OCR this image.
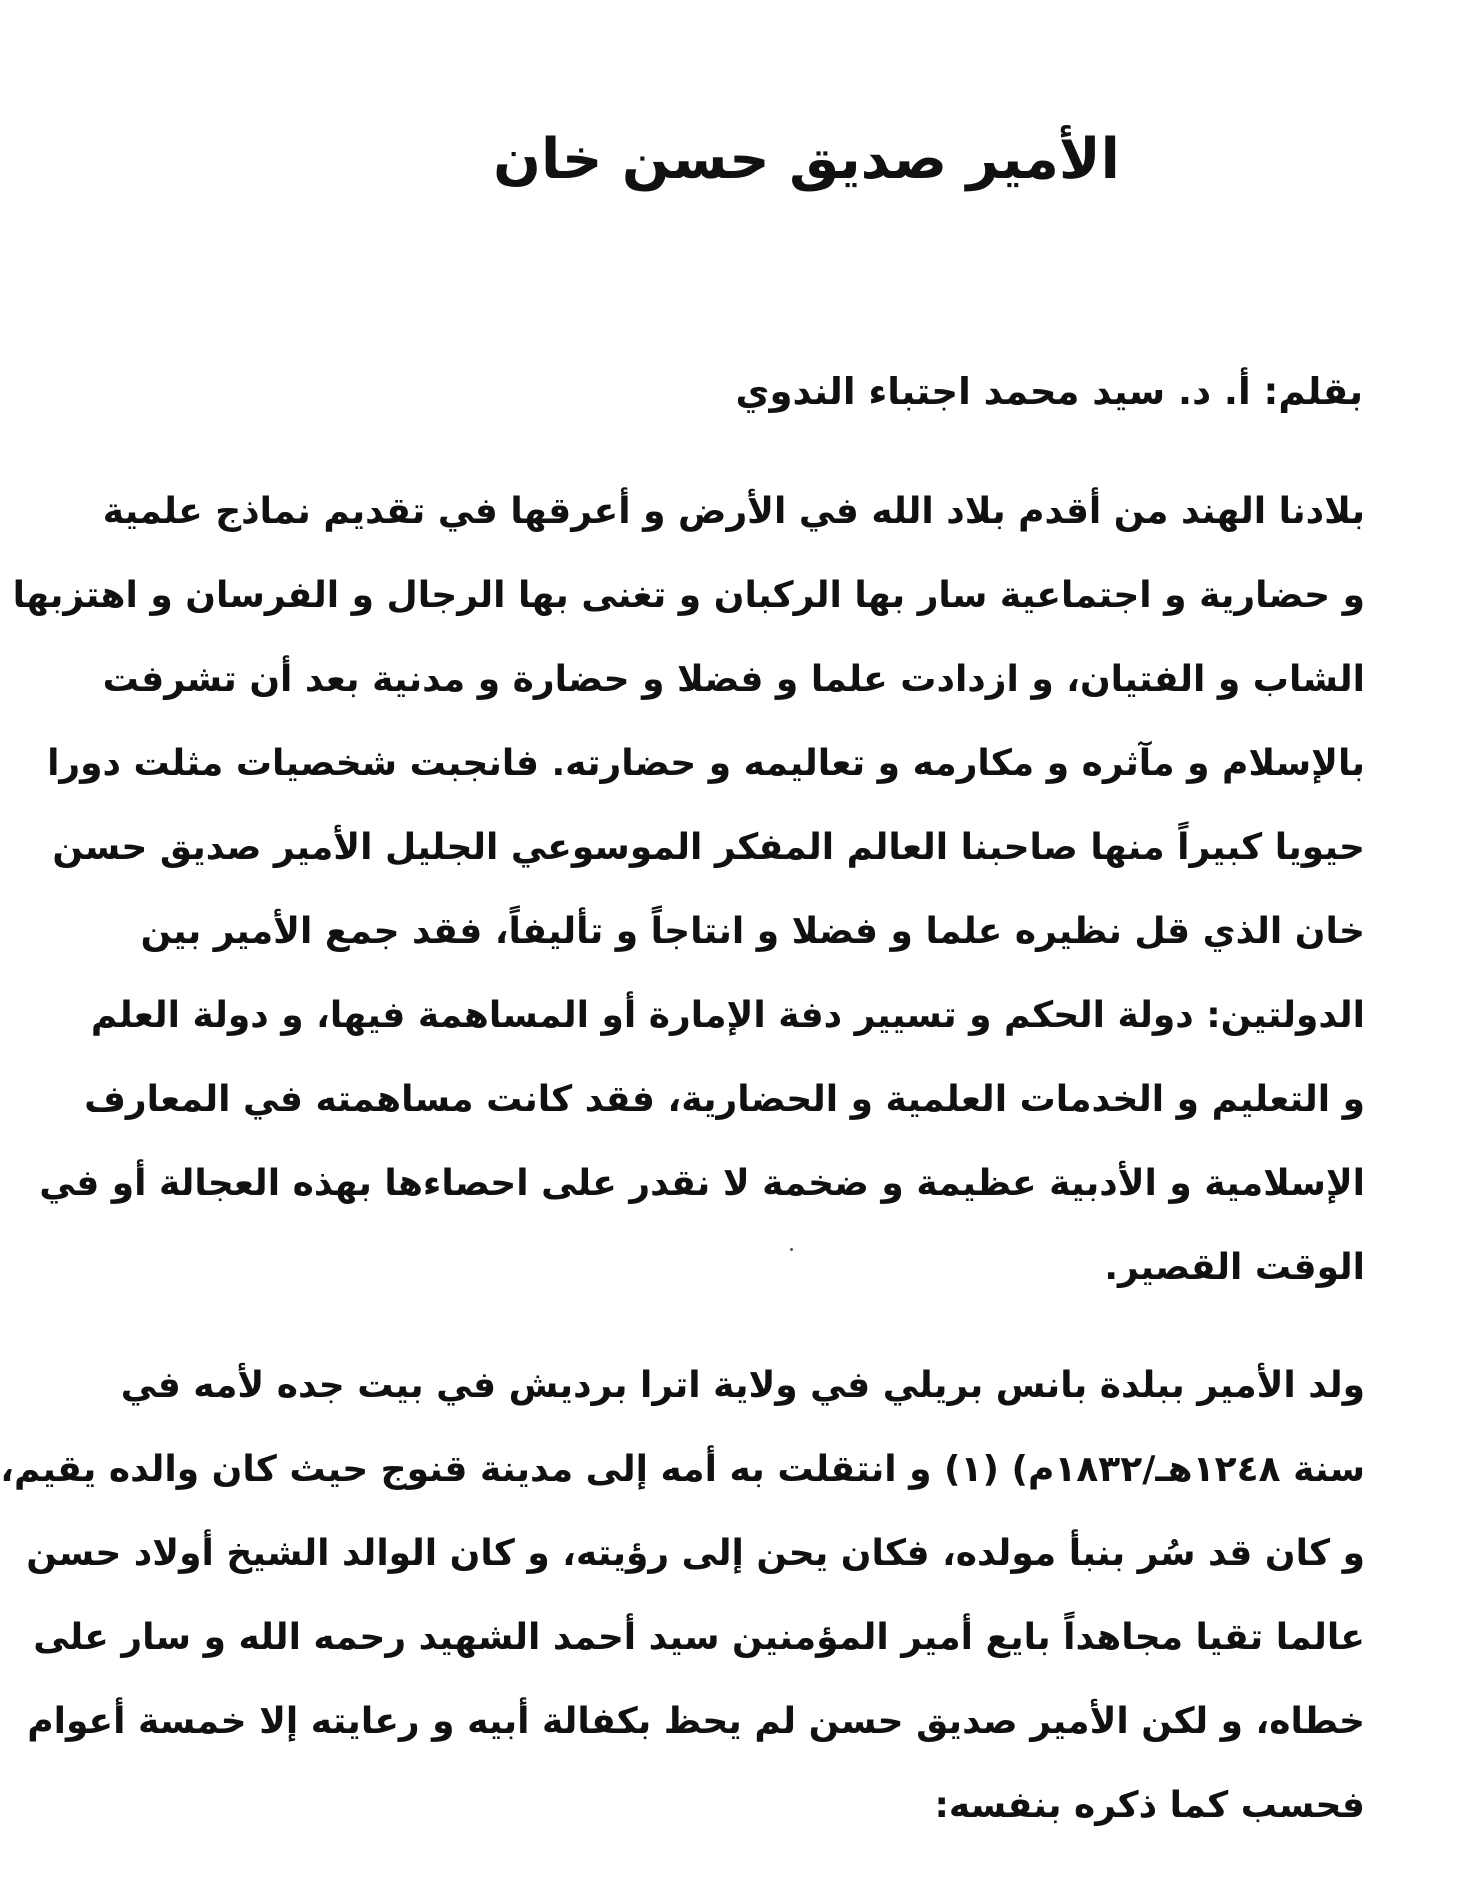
الأمير صديق حسن خان
بقلم: أ. د. سيد محمد اجتباء الندوي
بلادنا الهند من أقدم بلاد الله في الأرض و أعرقها في تقديم نماذج علمية
و حضارية و اجتماعية سار بها الركبان و تغنى بها الرجال و الفرسان و اهتزبها
الشاب و الفتيان، و ازدادت علما و فضلا و حضارة و مدنية بعد أن تشرفت
بالإسلام و مآثره و مكارمه و تعاليمه و حضارته. فانجبت شخصيات مثلت دورا
حيويا كبيراً منها صاحبنا العالم المفكر الموسوعي الجليل الأمير صديق حسن
خان الذي قل نظيره علما و فضلا و انتاجاً و تأليفاً، فقد جمع الأمير بين
الدولتين: دولة الحكم و تسيير دفة الإمارة أو المساهمة فيها، و دولة العلم
و التعليم و الخدمات العلمية و الحضارية، فقد كانت مساهمته في المعارف
الإسلامية و الأدبية عظيمة و ضخمة لا نقدر على احصاءها بهذه العجالة أو في
الوقت القصير.
ولد الأمير ببلدة بانس بريلي في ولاية اترا برديش في بيت جده لأمه في
سنة ١٢٤٨هـ/١٨٣٢م) (١) و انتقلت به أمه إلى مدينة قنوج حيث كان والده يقيم،
و كان قد سُر بنبأ مولده، فكان يحن إلى رؤيته، و كان الوالد الشيخ أولاد حسن
عالما تقيا مجاهداً بايع أمير المؤمنين سيد أحمد الشهيد رحمه الله و سار على
خطاه، و لكن الأمير صديق حسن لم يحظ بكفالة أبيه و رعايته إلا خمسة أعوام
فحسب كما ذكره بنفسه:
